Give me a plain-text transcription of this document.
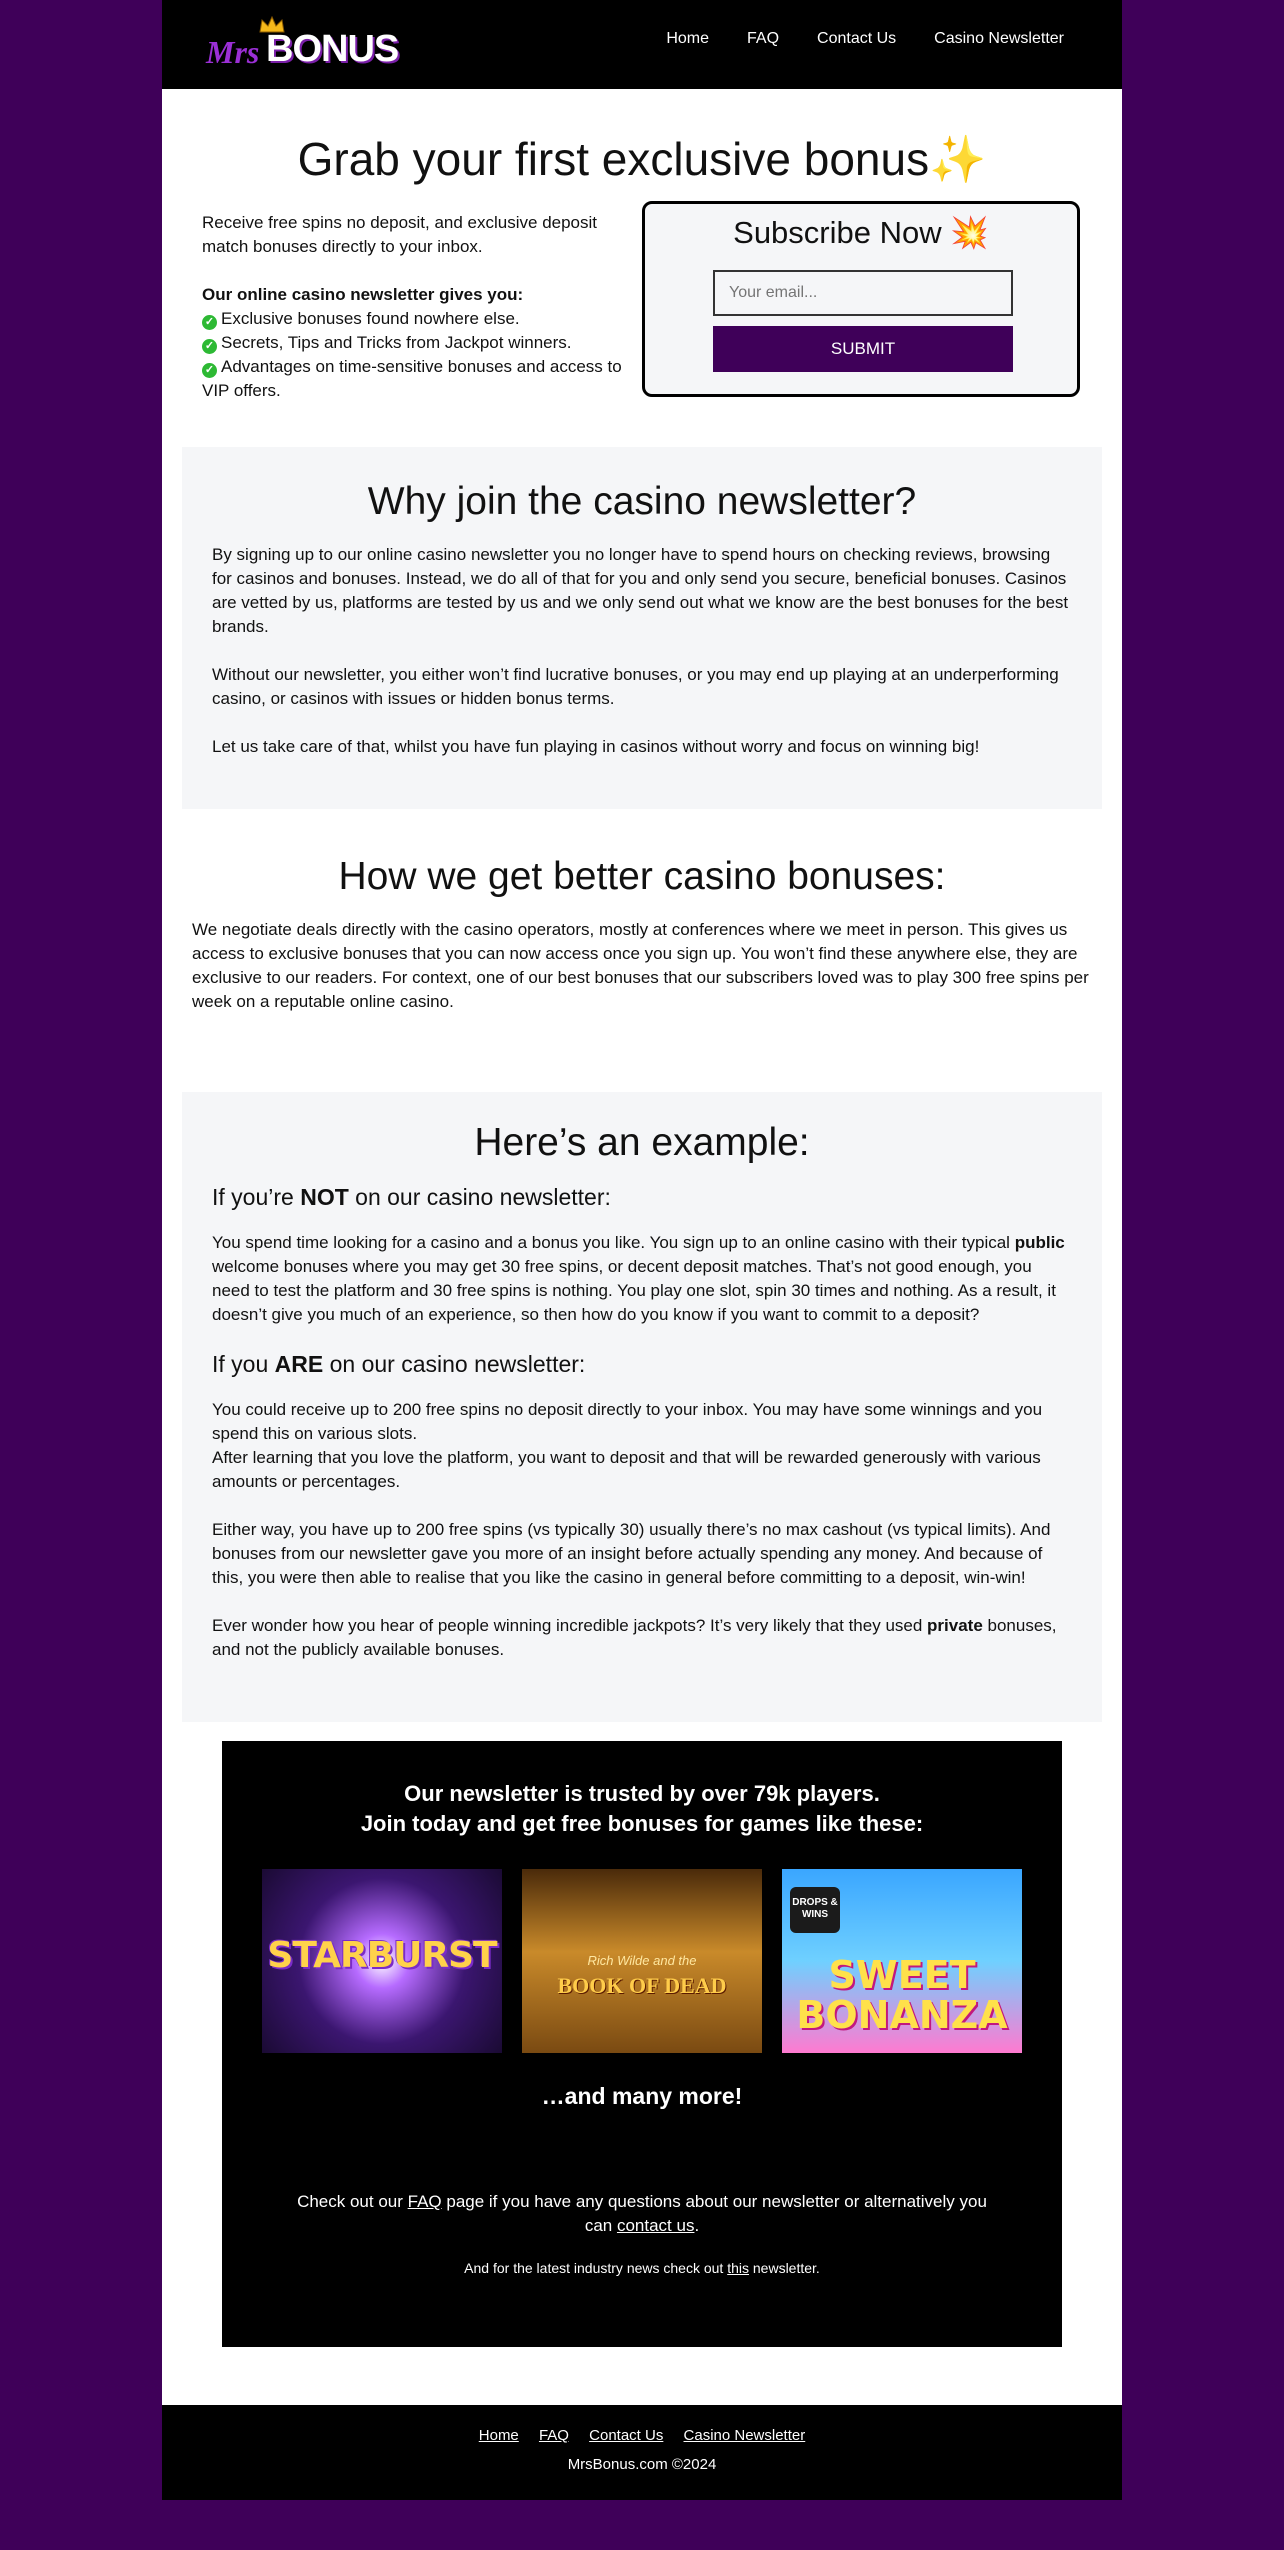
Mrs BONUS	Home FAQ Contact Us Casino Newsletter
Grab your first exclusive bonus✨

Receive free spins no deposit, and exclusive deposit match bonuses directly to your inbox.

Our online casino newsletter gives you:
✓ Exclusive bonuses found nowhere else.
✓ Secrets, Tips and Tricks from Jackpot winners.
✓ Advantages on time-sensitive bonuses and access to VIP offers.
Subscribe Now 💥
Your email...
SUBMIT
Why join the casino newsletter?

By signing up to our online casino newsletter you no longer have to spend hours on checking reviews, browsing for casinos and bonuses. Instead, we do all of that for you and only send you secure, beneficial bonuses. Casinos are vetted by us, platforms are tested by us and we only send out what we know are the best bonuses for the best brands.

Without our newsletter, you either won’t find lucrative bonuses, or you may end up playing at an underperforming casino, or casinos with issues or hidden bonus terms.

Let us take care of that, whilst you have fun playing in casinos without worry and focus on winning big!

How we get better casino bonuses:

We negotiate deals directly with the casino operators, mostly at conferences where we meet in person. This gives us access to exclusive bonuses that you can now access once you sign up. You won’t find these anywhere else, they are exclusive to our readers. For context, one of our best bonuses that our subscribers loved was to play 300 free spins per week on a reputable online casino.

Here’s an example:
If you’re NOT on our casino newsletter:

You spend time looking for a casino and a bonus you like. You sign up to an online casino with their typical public welcome bonuses where you may get 30 free spins, or decent deposit matches. That’s not good enough, you need to test the platform and 30 free spins is nothing. You play one slot, spin 30 times and nothing. As a result, it doesn’t give you much of an experience, so then how do you know if you want to commit to a deposit?

If you ARE on our casino newsletter:

You could receive up to 200 free spins no deposit directly to your inbox. You may have some winnings and you spend this on various slots.
After learning that you love the platform, you want to deposit and that will be rewarded generously with various amounts or percentages.

Either way, you have up to 200 free spins (vs typically 30) usually there’s no max cashout (vs typical limits). And bonuses from our newsletter gave you more of an insight before actually spending any money. And because of this, you were then able to realise that you like the casino in general before committing to a deposit, win-win!

Ever wonder how you hear of people winning incredible jackpots? It’s very likely that they used private bonuses, and not the publicly available bonuses.

Our newsletter is trusted by over 79k players.
Join today and get free bonuses for games like these:
STARBURST	Rich Wilde and the
BOOK OF DEAD
DROPS & WINS
SWEET BONANZA
…and many more!
Check out our FAQ page if you have any questions about our newsletter or alternatively you can contact us.
And for the latest industry news check out this newsletter.
Home FAQ Contact Us Casino Newsletter
MrsBonus.com ©2024
